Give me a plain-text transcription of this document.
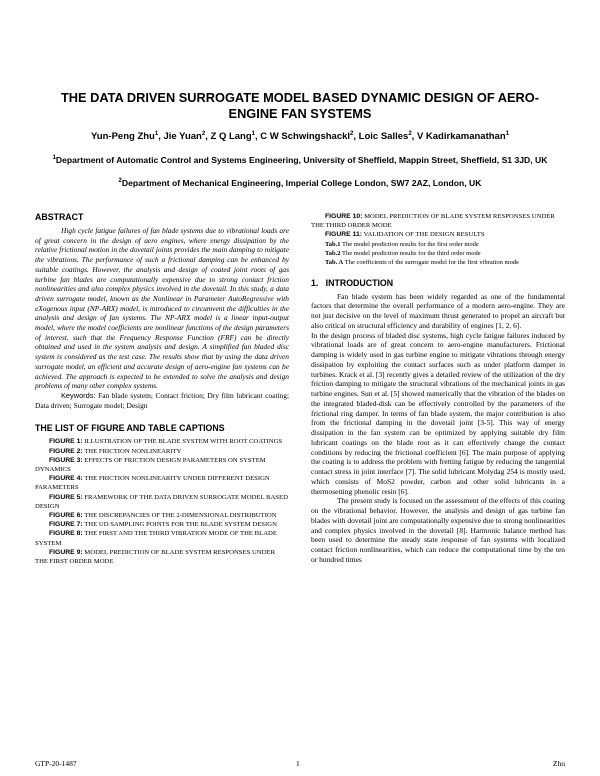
THE DATA DRIVEN SURROGATE MODEL BASED DYNAMIC DESIGN OF AERO-
ENGINE FAN SYSTEMS
Yun-Peng Zhu$^1$, Jie Yuan$^2$, Z Q Lang$^1$, C W Schwingshackl$^2$, Loic Salles$^2$, V Kadirkamanathan$^1$
$^1$Department of Automatic Control and Systems Engineering, University of Sheffield, Mappin Street, Sheffield, S1 3JD, UK
$^2$Department of Mechanical Engineering, Imperial College London, SW7 2AZ, London, UK
ABSTRACT

High cycle fatigue failures of fan blade systems due to vibrational loads are of great concern in the design of aero engines, where energy dissipation by the relative frictional motion in the dovetail joints provides the main damping to mitigate the vibrations. The performance of such a frictional damping can be enhanced by suitable coatings. However, the analysis and design of coated joint roots of gas turbine fan blades are computationally expensive due to strong contact friction nonlinearities and also complex physics involved in the dovetail. In this study, a data driven surrogate model, known as the Nonlinear in Parameter AutoRegressive with eXogenous input (NP-ARX) model, is introduced to circumvent the difficulties in the analysis and design of fan systems. The NP-ARX model is a linear input-output model, where the model coefficients are nonlinear functions of the design parameters of interest, such that the Frequency Response Function (FRF) can be directly obtained and used in the system analysis and design. A simplified fan bladed disc system is considered as the test case. The results show that by using the data driven surrogate model, an efficient and accurate design of aero-engine fan systems can be achieved. The approach is expected to be extended to solve the analysis and design problems of many other complex systems.

Keywords: Fan blade system; Contact friction; Dry film lubricant coating; Data driven; Surrogate model; Design

THE LIST OF FIGURE AND TABLE CAPTIONS
FIGURE 1: ILLUSTRATION OF THE BLADE SYSTEM WITH ROOT COATINGS
FIGURE 2: THE FRICTION NONLINEARITY
FIGURE 3: EFFECTS OF FRICTION DESIGN PARAMETERS ON SYSTEM DYNAMICS
FIGURE 4: THE FRICTION NONLINEARITY UNDER DIFFERENT DESIGN PARAMETERS
FIGURE 5: FRAMEWORK OF THE DATA DRIVEN SURROGATE MODEL BASED DESIGN
FIGURE 6: THE DISCREPANCIES OF THE 2-DIMENSIONAL DISTRIBUTION
FIGURE 7: THE UD SAMPLING POINTS FOR THE BLADE SYSTEM DESIGN
FIGURE 8: THE FIRST AND THE THIRD VIBRATION MODE OF THE BLADE SYSTEM
FIGURE 9: MODEL PREDICTION OF BLADE SYSTEM RESPONSES UNDER THE FIRST ORDER MODE
FIGURE 10: MODEL PREDICTION OF BLADE SYSTEM RESPONSES UNDER THE THIRD ORDER MODE
FIGURE 11: VALIDATION OF THE DESIGN RESULTS

Tab.1 The model prediction results for the first order mode

Tab.2 The model prediction results for the third order mode

Tab. A The coefficients of the surrogate model for the first vibration mode

1.   INTRODUCTION

Fan blade system has been widely regarded as one of the fundamental factors that determine the overall performance of a modern aero-engine. They are not just decisive on the level of maximum thrust generated to propel an aircraft but also critical on structural efficiency and durability of engines [1, 2, 6].

In the design process of bladed disc systems, high cycle fatigue failures induced by vibrational loads are of great concern to aero-engine manufacturers. Frictional damping is widely used in gas turbine engine to mitigate vibrations through energy dissipation by exploiting the contact surfaces such as under platform damper in turbines. Krack et al. [3] recently gives a detailed review of the utilization of the dry friction damping to mitigate the structural vibrations of the mechanical joints in gas turbine engines. Sun et al. [5] showed numerically that the vibration of the blades on the integrated bladed-disk can be effectively controlled by the parameters of the frictional ring damper. In terms of fan blade system, the major contribution is also from the frictional damping in the dovetail joint [3-5]. This way of energy dissipation in the fan system can be optimized by applying suitable dry film lubricant coatings on the blade root as it can effectively change the contact conditions by reducing the frictional coefficient [6]. The main purpose of applying the coating is to address the problem with fretting fatigue by reducing the tangential contact stress in joint interface [7]. The solid lubricant Molydag 254 is mostly used, which consists of MoS2 powder, carbon and other solid lubricants in a thermosetting phenolic resin [6].

The present study is focused on the assessment of the effects of this coating on the vibrational behavior. However, the analysis and design of gas turbine fan blades with dovetail joint are computationally expensive due to strong nonlinearities and complex physics involved in the dovetail [8]. Harmonic balance method has been used to determine the steady state response of fan systems with localized contact friction nonlinearities, which can reduce the computational time by the ten or hundred times

GTP-20-1487	1	Zhu
